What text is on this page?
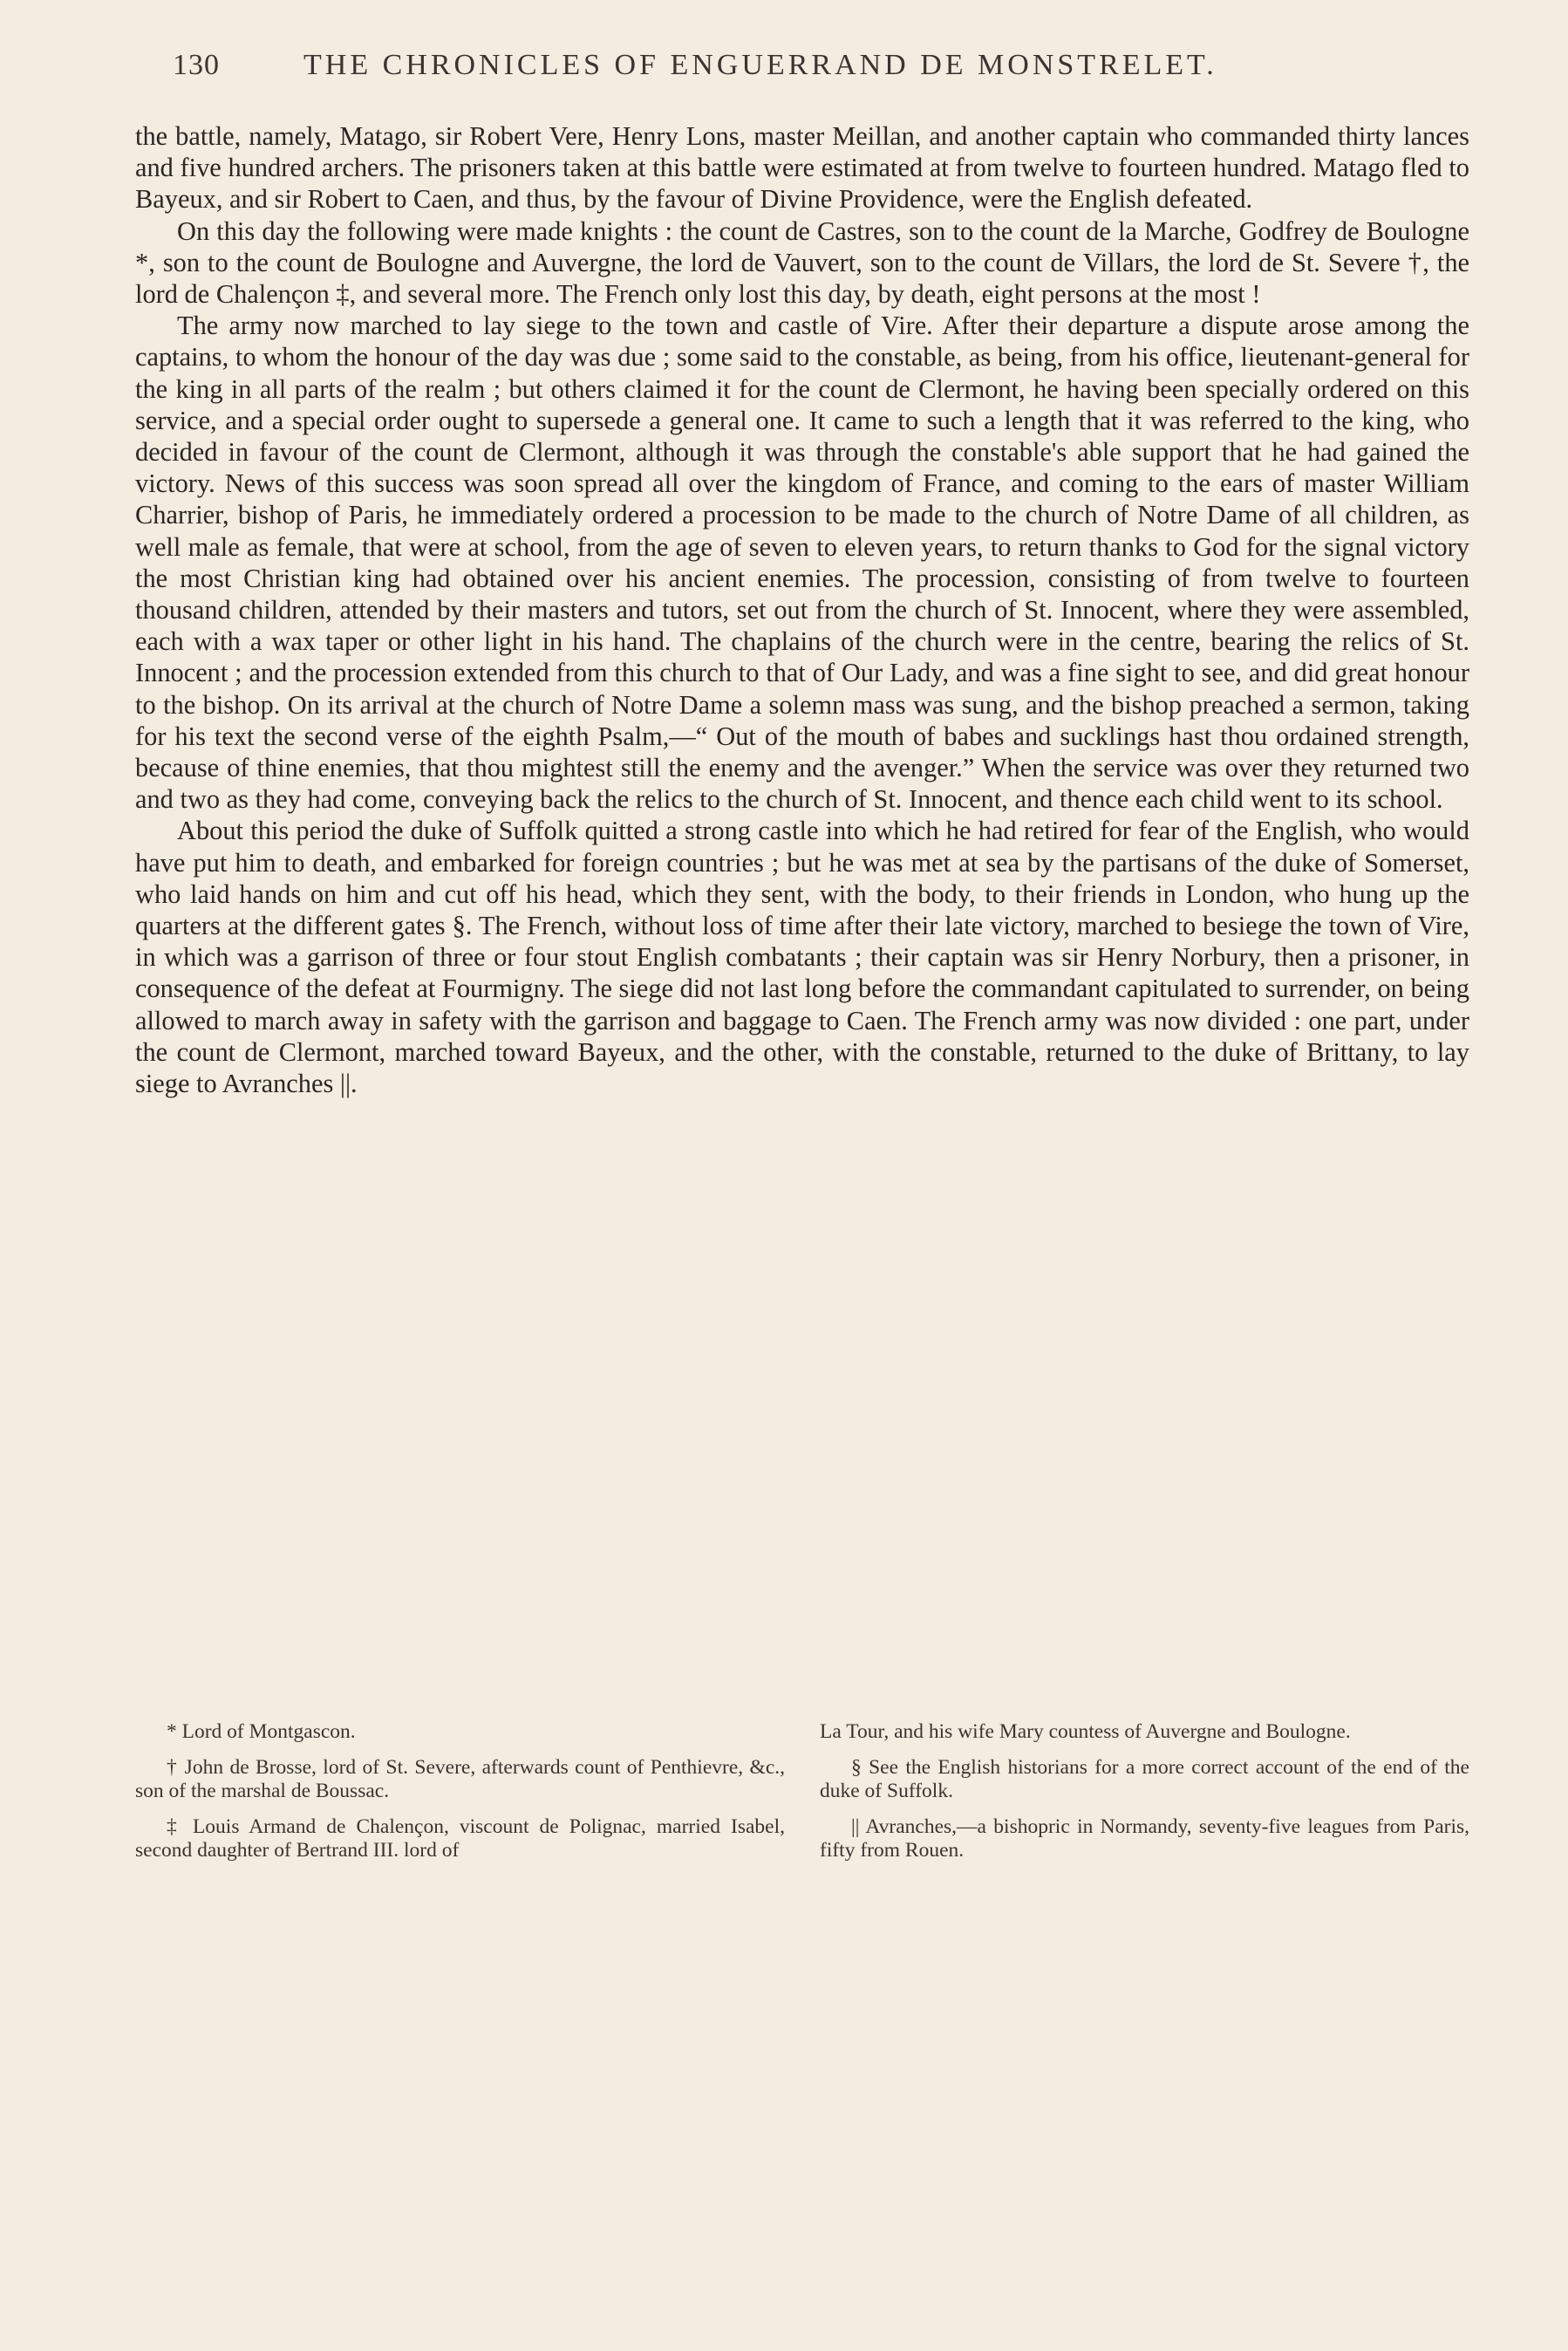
130	THE CHRONICLES OF ENGUERRAND DE MONSTRELET.

the battle, namely, Matago, sir Robert Vere, Henry Lons, master Meillan, and another captain who commanded thirty lances and five hundred archers. The prisoners taken at this battle were estimated at from twelve to fourteen hundred. Matago fled to Bayeux, and sir Robert to Caen, and thus, by the favour of Divine Providence, were the English defeated.

On this day the following were made knights : the count de Castres, son to the count de la Marche, Godfrey de Boulogne *, son to the count de Boulogne and Auvergne, the lord de Vauvert, son to the count de Villars, the lord de St. Severe †, the lord de Chalençon ‡, and several more. The French only lost this day, by death, eight persons at the most !

The army now marched to lay siege to the town and castle of Vire. After their departure a dispute arose among the captains, to whom the honour of the day was due ; some said to the constable, as being, from his office, lieutenant-general for the king in all parts of the realm ; but others claimed it for the count de Clermont, he having been specially ordered on this service, and a special order ought to supersede a general one. It came to such a length that it was referred to the king, who decided in favour of the count de Clermont, although it was through the constable's able support that he had gained the victory. News of this success was soon spread all over the kingdom of France, and coming to the ears of master William Charrier, bishop of Paris, he immediately ordered a procession to be made to the church of Notre Dame of all children, as well male as female, that were at school, from the age of seven to eleven years, to return thanks to God for the signal victory the most Christian king had obtained over his ancient enemies. The procession, consisting of from twelve to fourteen thousand children, attended by their masters and tutors, set out from the church of St. Innocent, where they were assembled, each with a wax taper or other light in his hand. The chaplains of the church were in the centre, bearing the relics of St. Innocent ; and the procession extended from this church to that of Our Lady, and was a fine sight to see, and did great honour to the bishop. On its arrival at the church of Notre Dame a solemn mass was sung, and the bishop preached a sermon, taking for his text the second verse of the eighth Psalm,—“ Out of the mouth of babes and sucklings hast thou ordained strength, because of thine enemies, that thou mightest still the enemy and the avenger.” When the service was over they returned two and two as they had come, conveying back the relics to the church of St. Innocent, and thence each child went to its school.

About this period the duke of Suffolk quitted a strong castle into which he had retired for fear of the English, who would have put him to death, and embarked for foreign countries ; but he was met at sea by the partisans of the duke of Somerset, who laid hands on him and cut off his head, which they sent, with the body, to their friends in London, who hung up the quarters at the different gates §. The French, without loss of time after their late victory, marched to besiege the town of Vire, in which was a garrison of three or four stout English combatants ; their captain was sir Henry Norbury, then a prisoner, in consequence of the defeat at Fourmigny. The siege did not last long before the commandant capitulated to surrender, on being allowed to march away in safety with the garrison and baggage to Caen. The French army was now divided : one part, under the count de Clermont, marched toward Bayeux, and the other, with the constable, returned to the duke of Brittany, to lay siege to Avranches ||.

* Lord of Montgascon.

† John de Brosse, lord of St. Severe, afterwards count of Penthievre, &c., son of the marshal de Boussac.

‡ Louis Armand de Chalençon, viscount de Polignac, married Isabel, second daughter of Bertrand III. lord of

La Tour, and his wife Mary countess of Auvergne and Boulogne.

§ See the English historians for a more correct account of the end of the duke of Suffolk.

|| Avranches,—a bishopric in Normandy, seventy-five leagues from Paris, fifty from Rouen.
